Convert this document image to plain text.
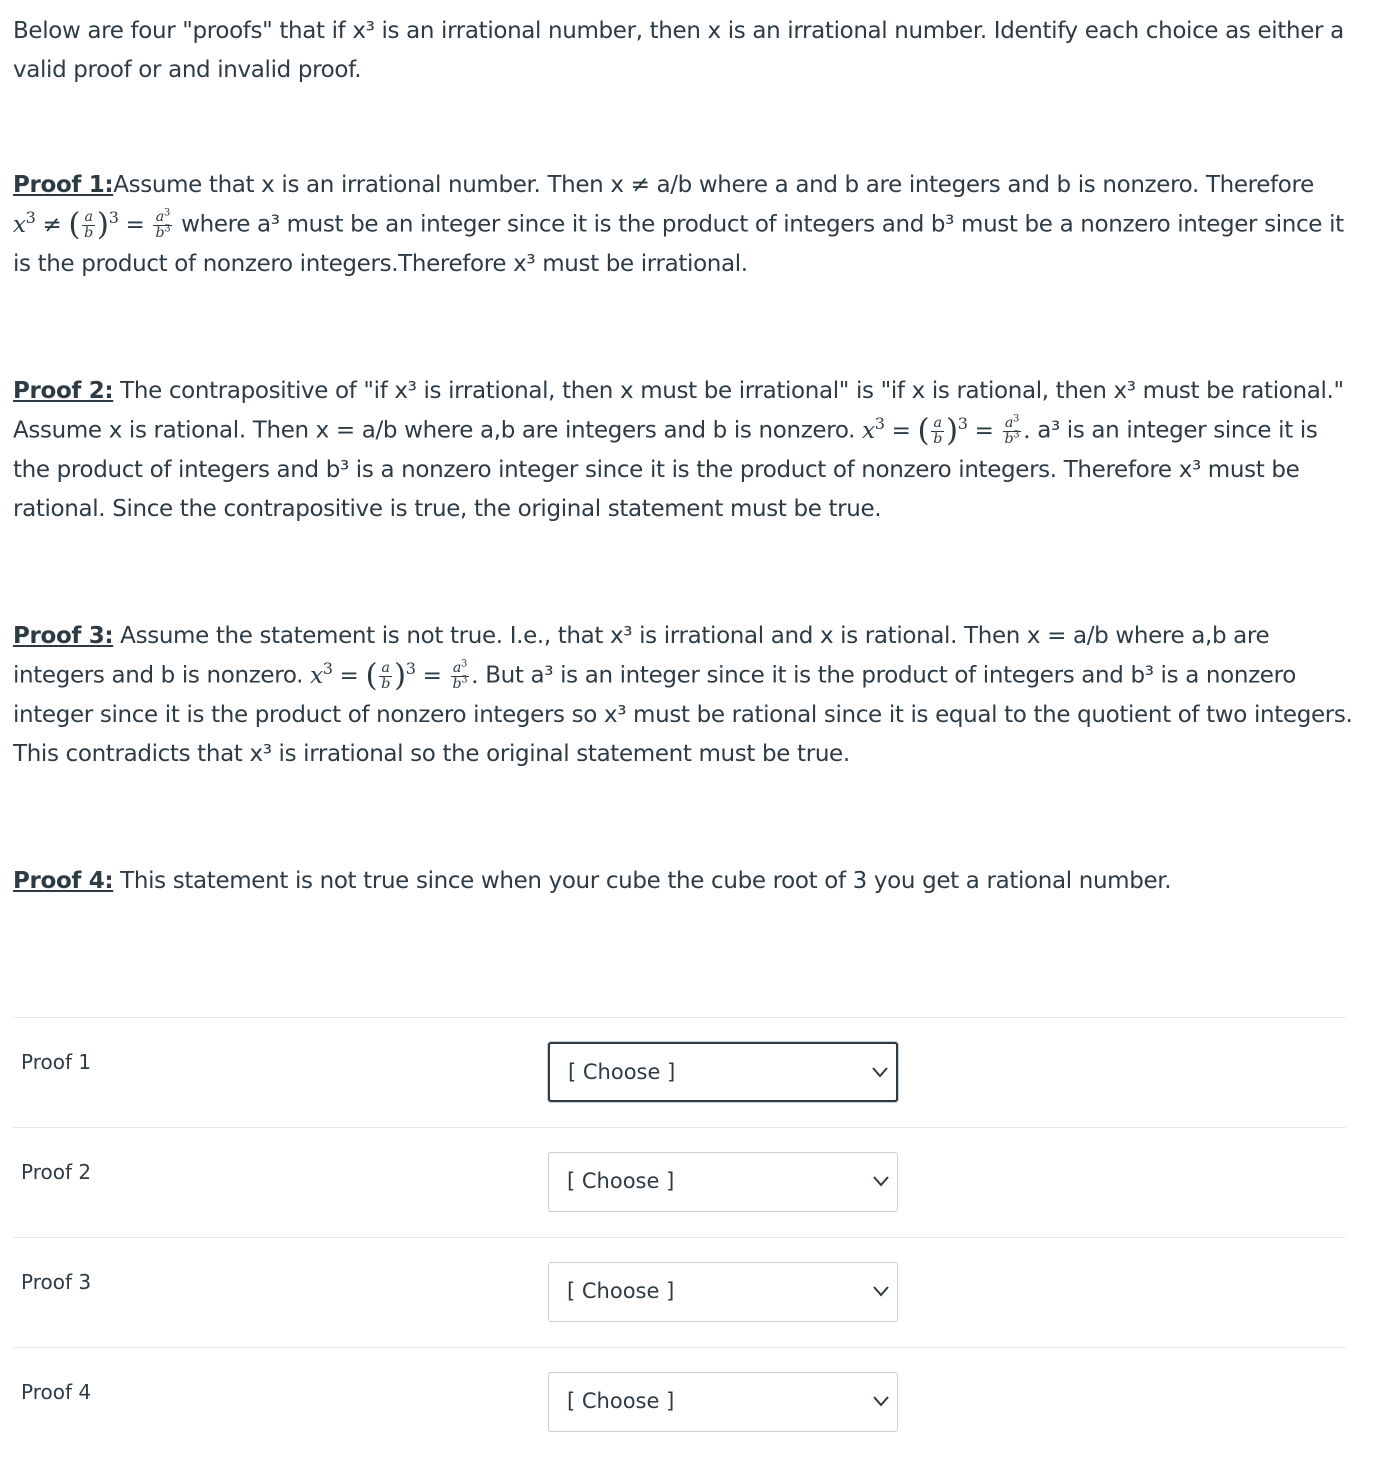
Below are four "proofs" that if x³ is an irrational number, then x is an irrational number. Identify each choice as either a valid proof or and invalid proof.

Proof 1:Assume that x is an irrational number. Then x ≠ a/b where a and b are integers and b is nonzero. Therefore $x^3$ ≠ ( $\frac{a}{b} )^3 = \frac{a^3}{b^3}$ where a³ must be an integer since it is the product of integers and b³ must be a nonzero integer since it is the product of nonzero integers.Therefore x³ must be irrational.

Proof 2: The contrapositive of "if x³ is irrational, then x must be irrational" is "if x is rational, then x³ must be rational." Assume x is rational. Then x = a/b where a,b are integers and b is nonzero. $x^3$ = ( $\frac{a}{b} )^3 = \frac{a^3}{b^3}$ . a³ is an integer since it is the product of integers and b³ is a nonzero integer since it is the product of nonzero integers. Therefore x³ must be rational. Since the contrapositive is true, the original statement must be true.

Proof 3: Assume the statement is not true. I.e., that x³ is irrational and x is rational. Then x = a/b where a,b are integers and b is nonzero. $x^3$ = ( $\frac{a}{b} )^3 = \frac{a^3}{b^3}$ . But a³ is an integer since it is the product of integers and b³ is a nonzero integer since it is the product of nonzero integers so x³ must be rational since it is equal to the quotient of two integers. This contradicts that x³ is irrational so the original statement must be true.

Proof 4: This statement is not true since when your cube the cube root of 3 you get a rational number.

Proof 1	[ Choose ]
Proof 2	[ Choose ]
Proof 3	[ Choose ]
Proof 4	[ Choose ]
